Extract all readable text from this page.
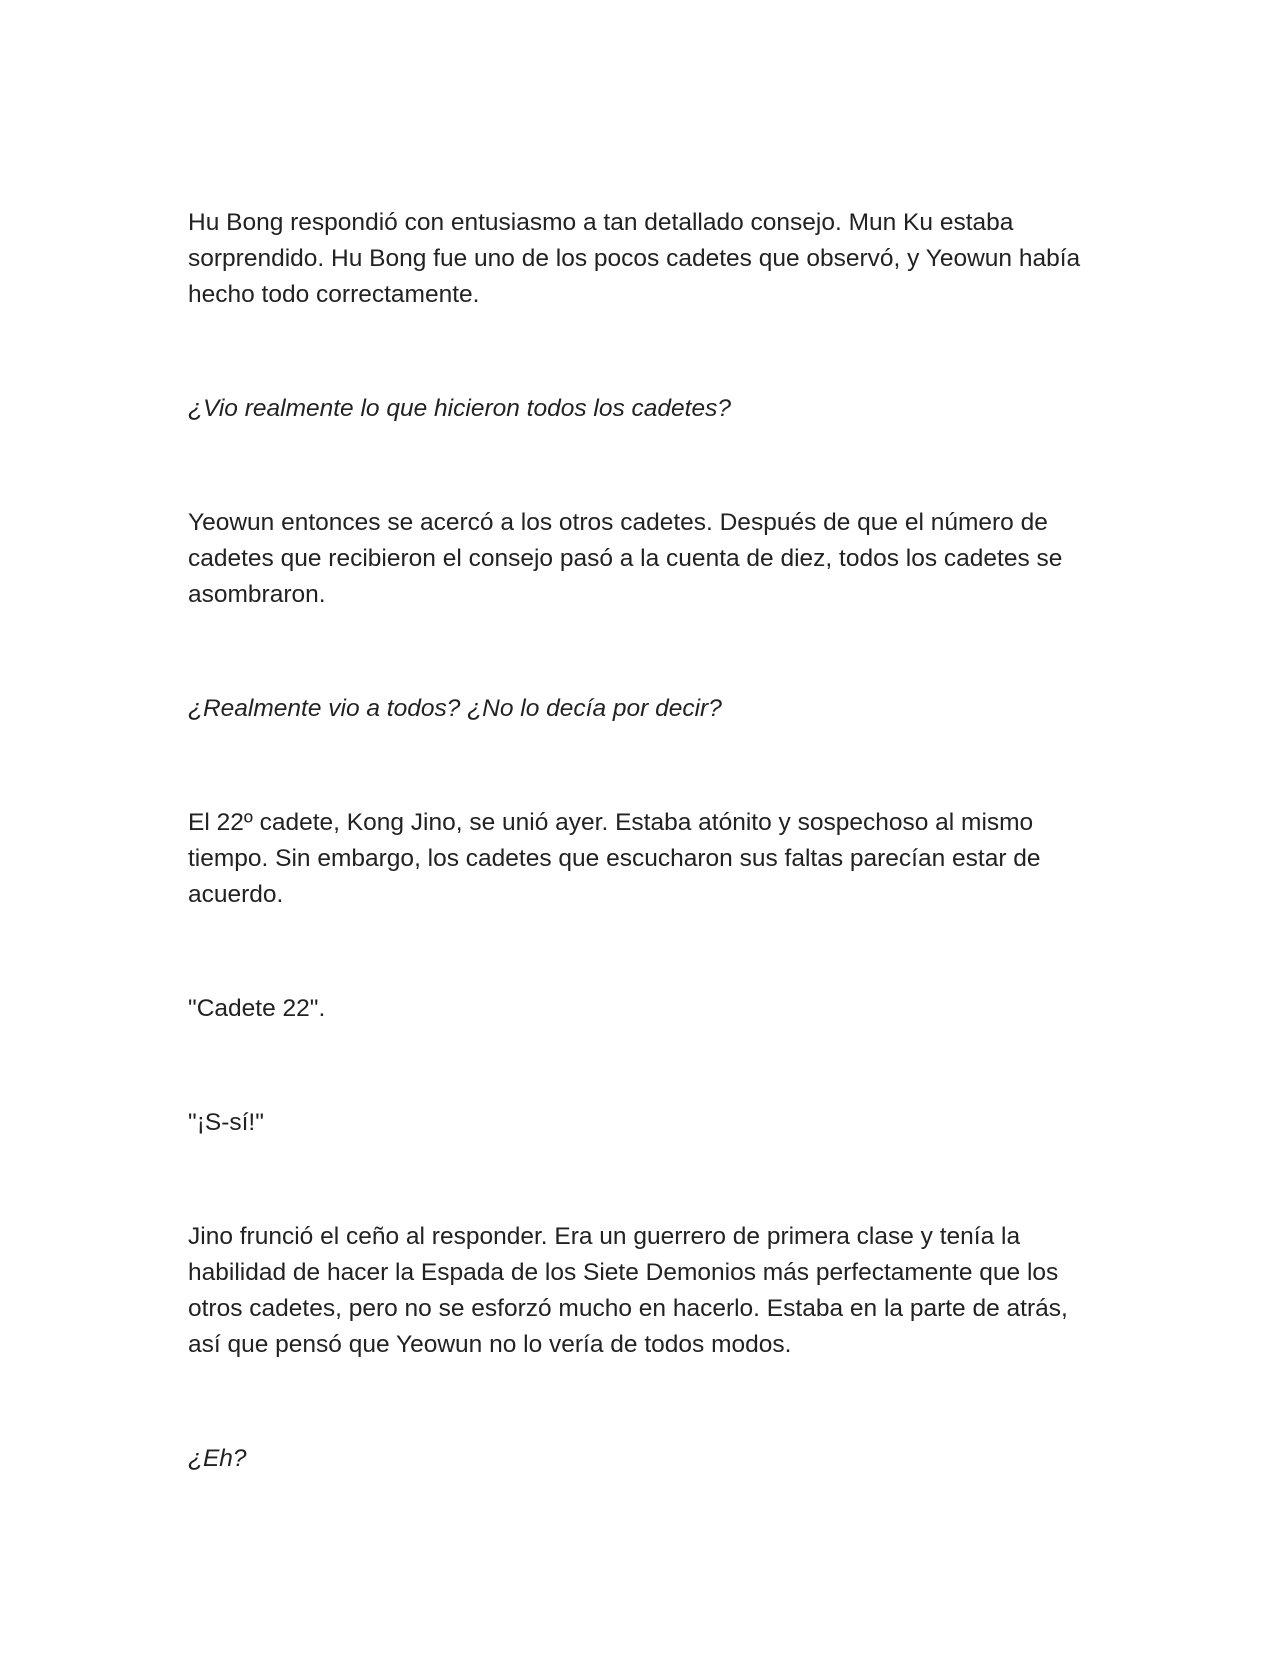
Hu Bong respondió con entusiasmo a tan detallado consejo. Mun Ku estaba sorprendido. Hu Bong fue uno de los pocos cadetes que observó, y Yeowun había hecho todo correctamente.

¿Vio realmente lo que hicieron todos los cadetes?

Yeowun entonces se acercó a los otros cadetes. Después de que el número de cadetes que recibieron el consejo pasó a la cuenta de diez, todos los cadetes se asombraron.

¿Realmente vio a todos? ¿No lo decía por decir?

El 22º cadete, Kong Jino, se unió ayer. Estaba atónito y sospechoso al mismo tiempo. Sin embargo, los cadetes que escucharon sus faltas parecían estar de acuerdo.

"Cadete 22".

"¡S-sí!"

Jino frunció el ceño al responder. Era un guerrero de primera clase y tenía la habilidad de hacer la Espada de los Siete Demonios más perfectamente que los otros cadetes, pero no se esforzó mucho en hacerlo. Estaba en la parte de atrás, así que pensó que Yeowun no lo vería de todos modos.

¿Eh?
